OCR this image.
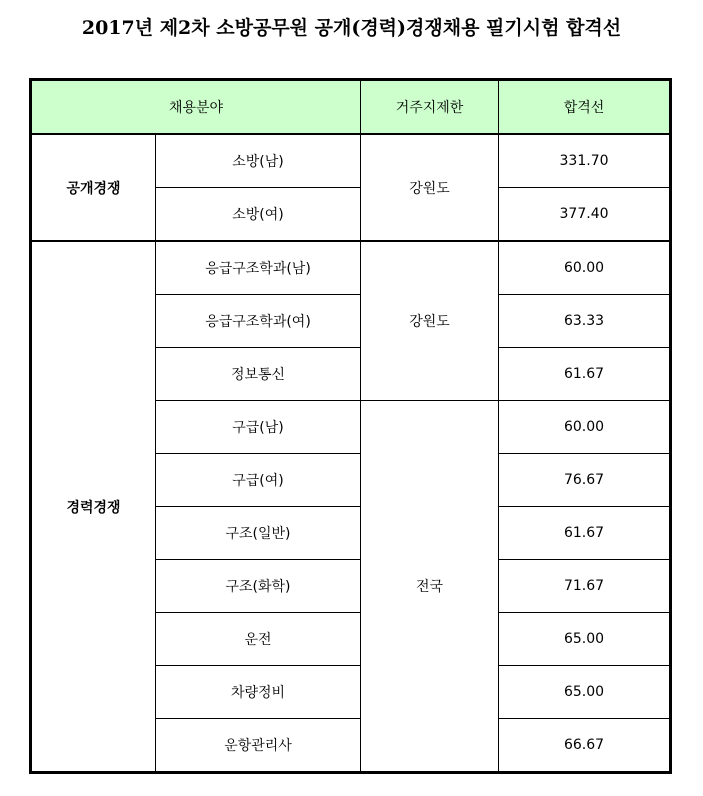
2017년 제2차 소방공무원 공개(경력)경쟁채용 필기시험 합격선
채용분야		거주지제한	합격선
공개경쟁	소방(남)	강원도	331.70
	소방(여)		377.40
경력경쟁	응급구조학과(남)	강원도	60.00
	응급구조학과(여)		63.33
	정보통신		61.67
	구급(남)	전국	60.00
	구급(여)		76.67
	구조(일반)		61.67
	구조(화학)		71.67
	운전		65.00
	차량정비		65.00
	운항관리사		66.67
